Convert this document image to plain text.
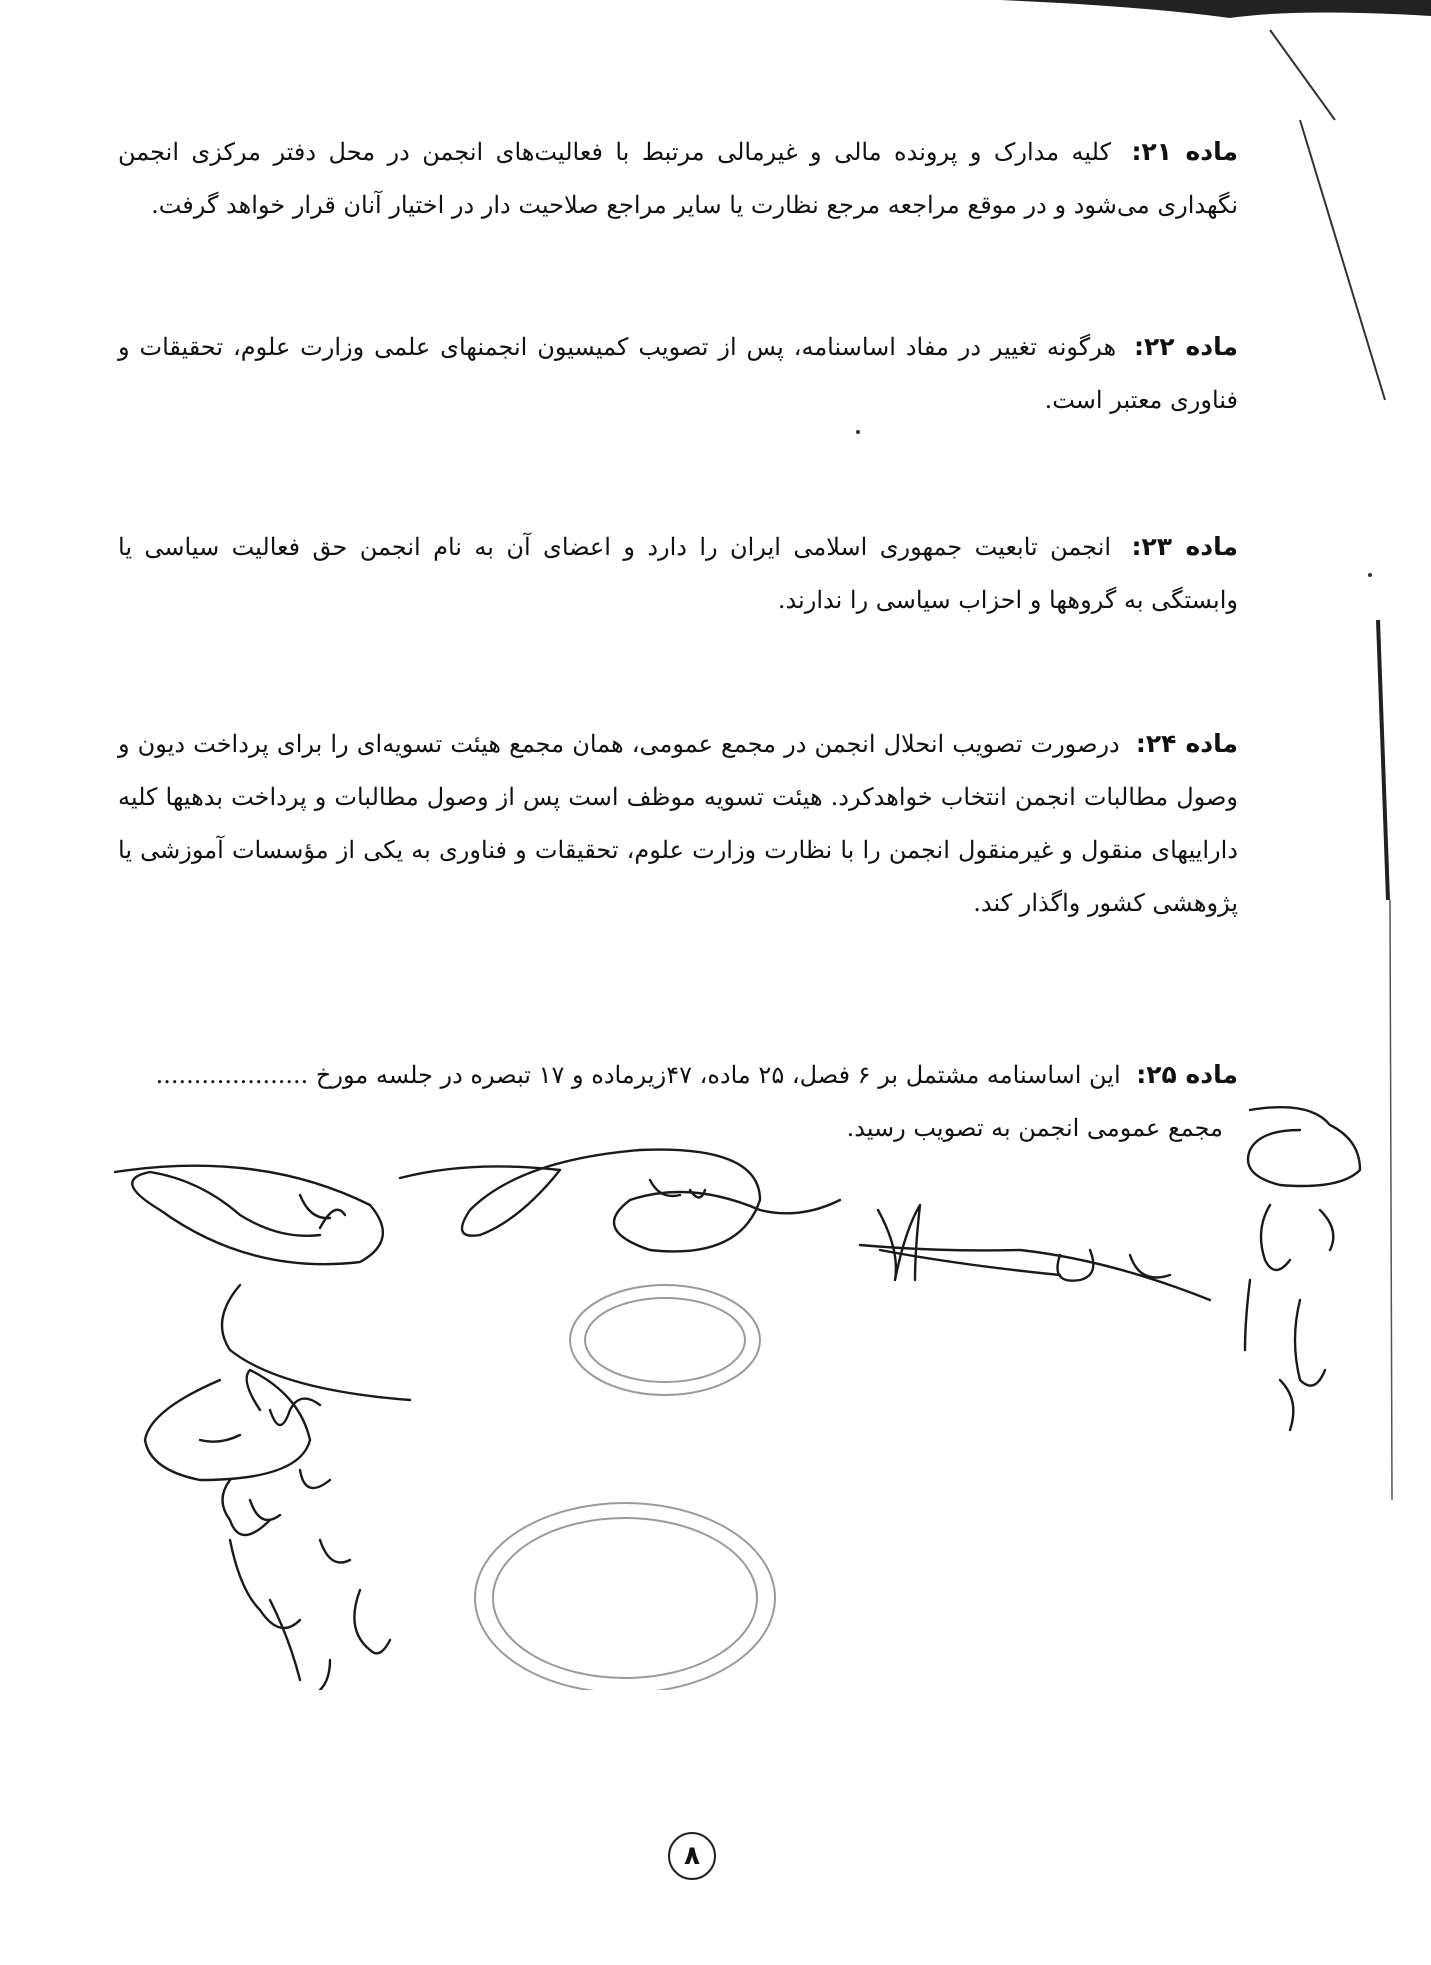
ماده ۲۱: کلیه مدارک و پرونده مالی و غیرمالی مرتبط با فعالیت‌های انجمن در محل دفتر مرکزی انجمن نگهداری می‌شود و در موقع مراجعه مرجع نظارت یا سایر مراجع صلاحیت دار در اختیار آنان قرار خواهد گرفت.
ماده ۲۲: هرگونه تغییر در مفاد اساسنامه، پس از تصویب کمیسیون انجمنهای علمی وزارت علوم، تحقیقات و فناوری معتبر است.
ماده ۲۳: انجمن تابعیت جمهوری اسلامی ایران را دارد و اعضای آن به نام انجمن حق فعالیت سیاسی یا وابستگی به گروهها و احزاب سیاسی را ندارند.
ماده ۲۴: درصورت تصویب انحلال انجمن در مجمع عمومی، همان مجمع هیئت تسویه‌ای را برای پرداخت دیون و وصول مطالبات انجمن انتخاب خواهدکرد. هیئت تسویه موظف است پس از وصول مطالبات و پرداخت بدهیها کلیه داراییهای منقول و غیرمنقول انجمن را با نظارت وزارت علوم، تحقیقات و فناوری به یکی از مؤسسات آموزشی یا پژوهشی کشور واگذار کند.
ماده ۲۵: این اساسنامه مشتمل بر ۶ فصل، ۲۵ ماده، ۴۷زیرماده و ۱۷ تبصره در جلسه مورخ ....................
مجمع عمومی انجمن به تصویب رسید.
۸
